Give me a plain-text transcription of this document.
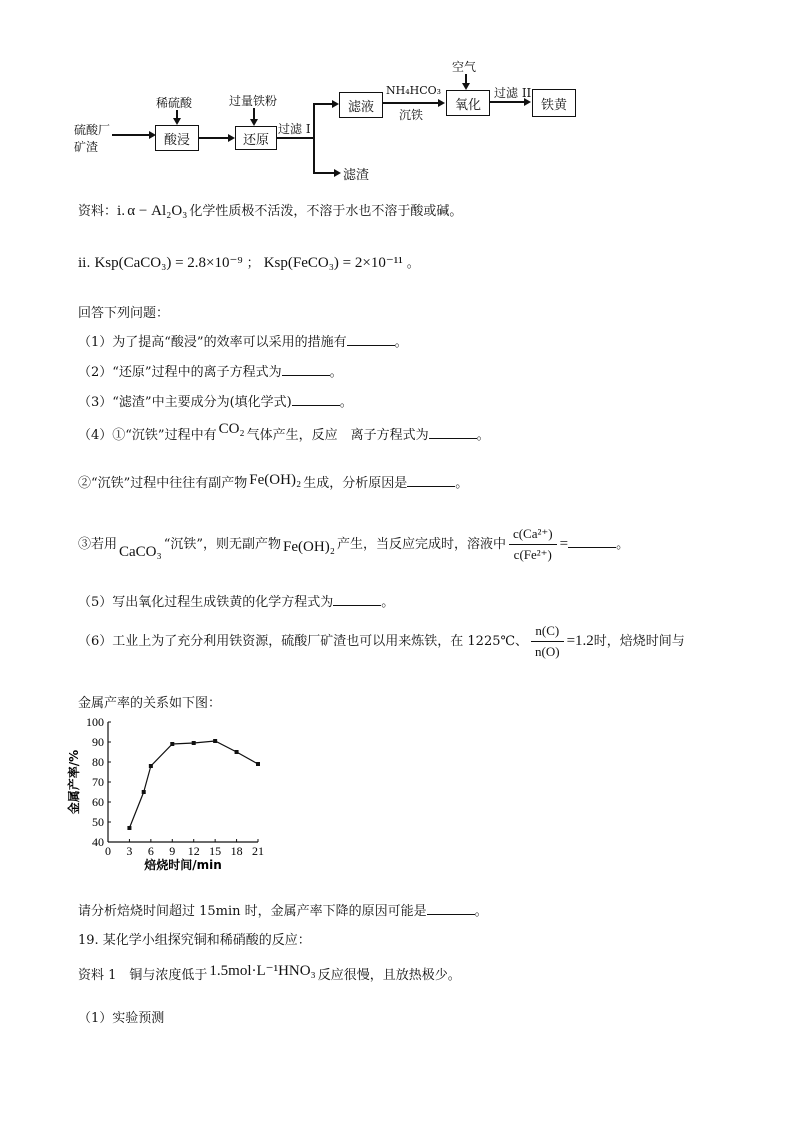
硫酸厂
矿渣
稀硫酸
酸浸
过量铁粉
还原
过滤 I
滤渣
滤液
NH₄HCO₃
沉铁
空气
氧化
过滤 II
铁黄
资料：i. α − Al₂O₃ 化学性质极不活泼，不溶于水也不溶于酸或碱。
ii. Ksp(CaCO₃) = 2.8×10⁻⁹ ； Ksp(FeCO₃) = 2×10⁻¹¹ 。
回答下列问题：
（1）为了提高“酸浸”的效率可以采用的措施有	。
（2）“还原”过程中的离子方程式为	。
（3）“滤渣”中主要成分为(填化学式)	。
（4）①“沉铁”过程中有 CO₂ 气体产生，反应　离子方程式为	。
②“沉铁”过程中往往有副产物 Fe(OH)₂ 生成，分析原因是	。
③若用 CaCO₃ “沉铁”，则无副产物 Fe(OH)₂ 产生，当反应完成时，溶液中 $\frac{\text{c(Ca²⁺)}}{\text{c(Fe²⁺)}}$ =	。
（5）写出氧化过程生成铁黄的化学方程式为	。
（6）工业上为了充分利用铁资源，硫酸厂矿渣也可以用来炼铁，在 1225℃、 $\frac{n(C)}{n(O)} =1.2$时，焙烧时间与
金属产率的关系如下图：
0 3 6 9 12 15 18 21
40
50
60
70
80
90
100
焙烧时间/min
金属产率/%
请分析焙烧时间超过 15min 时，金属产率下降的原因可能是	。
19. 某化学小组探究铜和稀硝酸的反应：
资料 1　铜与浓度低于 1.5mol·L⁻¹HNO₃ 反应很慢，且放热极少。
（1）实验预测
